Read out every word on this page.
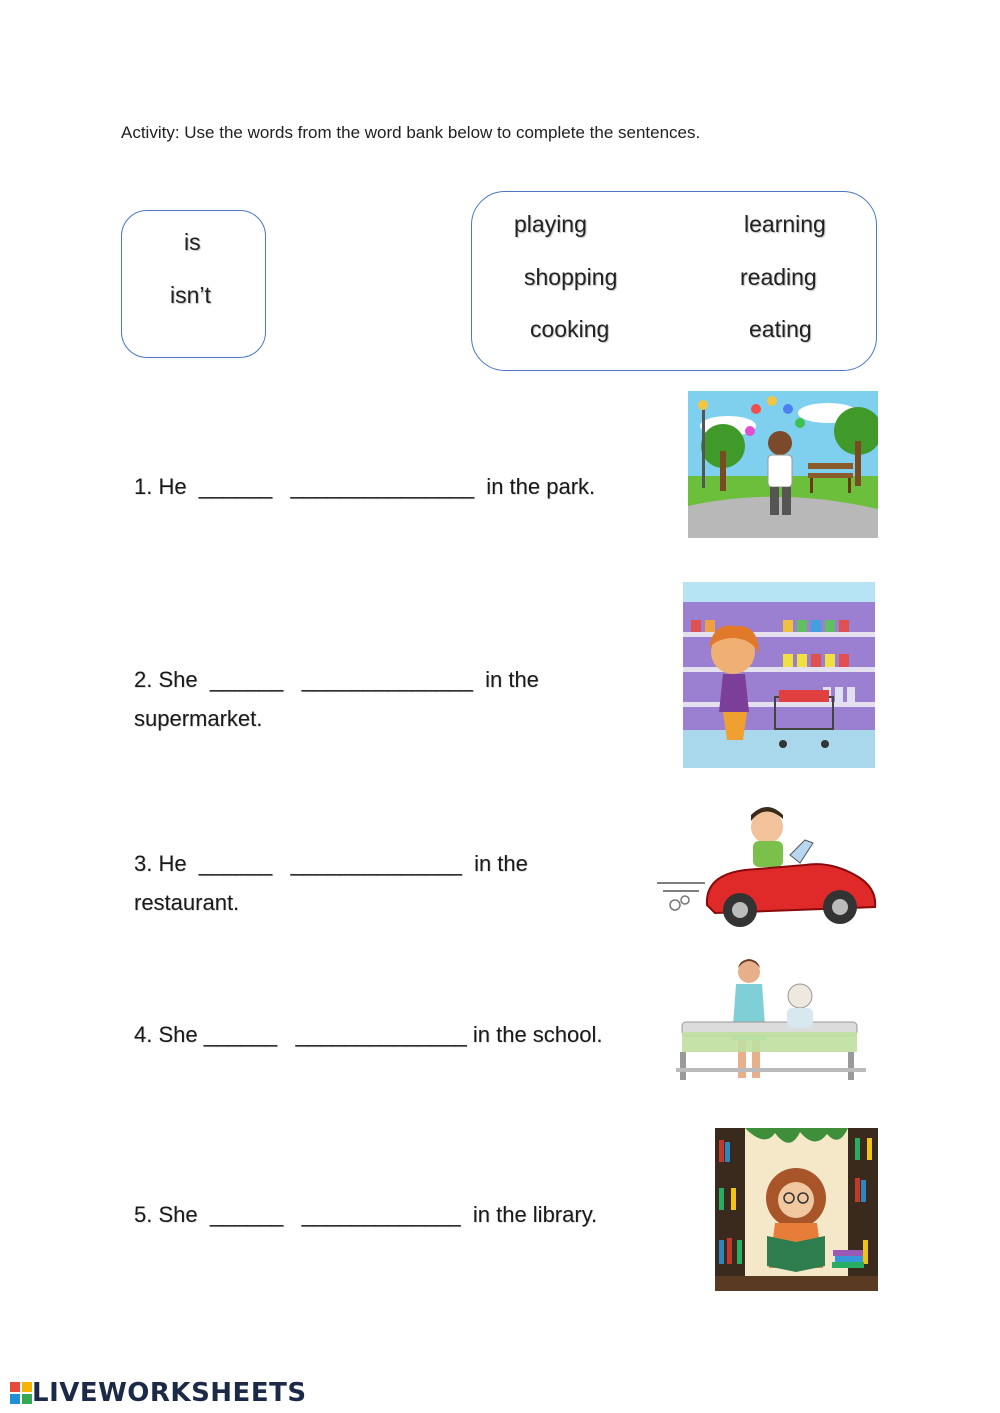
Activity: Use the words from the word bank below to complete the sentences.
is
isn’t
playing	learning
shopping	reading
cooking	eating
1. He  ______   _______________  in the park.
2. She  ______   ______________  in the
supermarket.
3. He  ______   ______________  in the
restaurant.
4. She ______   ______________ in the school.
5. She  ______   _____________  in the library.
LIVEWORKSHEETS
